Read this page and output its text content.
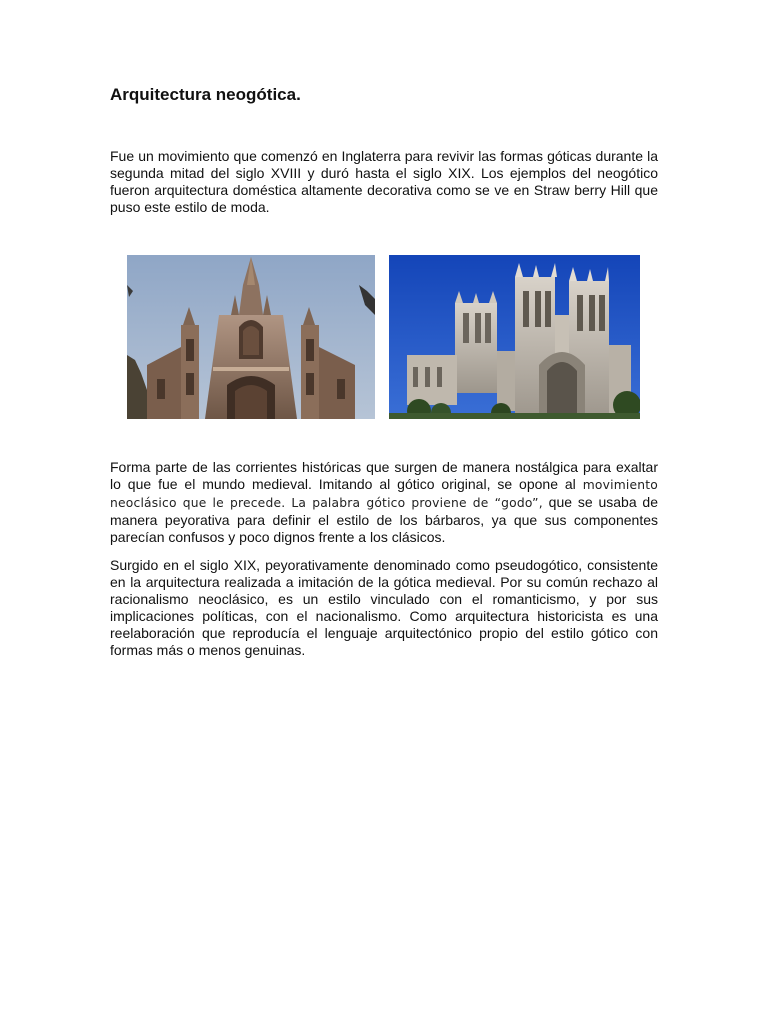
Arquitectura neogótica.

Fue un movimiento que comenzó en Inglaterra para revivir las formas góticas durante la segunda mitad del siglo XVIII y duró hasta el siglo XIX. Los ejemplos del neogótico fueron arquitectura doméstica altamente decorativa como se ve en Straw berry Hill que puso este estilo de moda.

Forma parte de las corrientes históricas que surgen de manera nostálgica para exaltar lo que fue el mundo medieval. Imitando al gótico original, se opone al movimiento neoclásico que le precede. La palabra gótico proviene de “godo”, que se usaba de manera peyorativa para definir el estilo de los bárbaros, ya que sus componentes parecían confusos y poco dignos frente a los clásicos.

Surgido en el siglo XIX, peyorativamente denominado como pseudogótico, consistente en la arquitectura realizada a imitación de la gótica medieval. Por su común rechazo al racionalismo neoclásico, es un estilo vinculado con el romanticismo, y por sus implicaciones políticas, con el nacionalismo. Como arquitectura historicista es una reelaboración que reproducía el lenguaje arquitectónico propio del estilo gótico con formas más o menos genuinas.
